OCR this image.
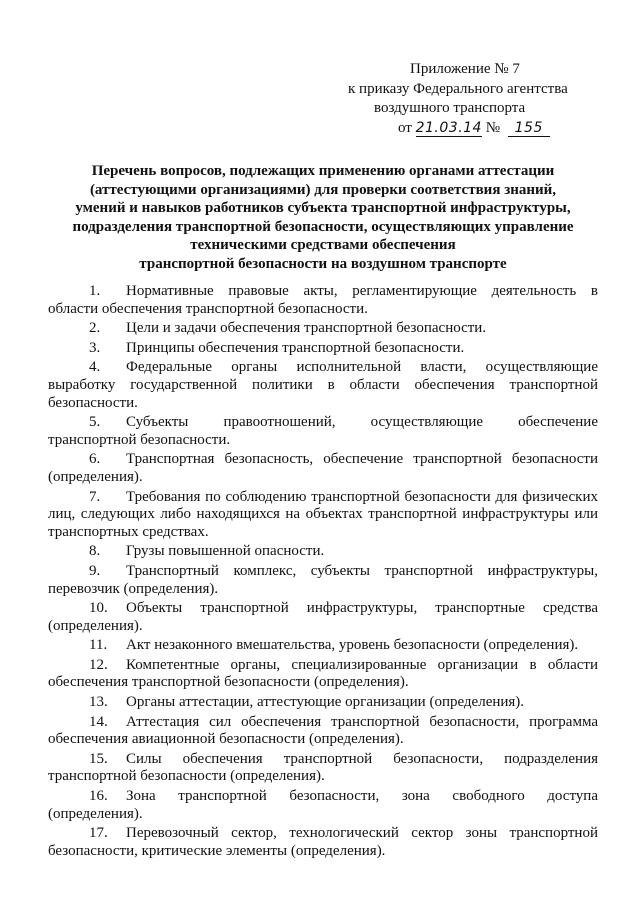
Приложение № 7
к приказу Федерального агентства
воздушного транспорта
от 21.03.14 № 155
Перечень вопросов, подлежащих применению органами аттестации
(аттестующими организациями) для проверки соответствия знаний,
умений и навыков работников субъекта транспортной инфраструктуры,
подразделения транспортной безопасности, осуществляющих управление
техническими средствами обеспечения
транспортной безопасности на воздушном транспорте
1. Нормативные правовые акты, регламентирующие деятельность в
области обеспечения транспортной безопасности.
2. Цели и задачи обеспечения транспортной безопасности.
3. Принципы обеспечения транспортной безопасности.
4. Федеральные органы исполнительной власти, осуществляющие
выработку государственной политики в области обеспечения транспортной
безопасности.
5. Субъекты правоотношений, осуществляющие обеспечение
транспортной безопасности.
6. Транспортная безопасность, обеспечение транспортной безопасности
(определения).
7. Требования по соблюдению транспортной безопасности для физических
лиц, следующих либо находящихся на объектах транспортной инфраструктуры или
транспортных средствах.
8. Грузы повышенной опасности.
9. Транспортный комплекс, субъекты транспортной инфраструктуры,
перевозчик (определения).
10. Объекты транспортной инфраструктуры, транспортные средства
(определения).
11. Акт незаконного вмешательства, уровень безопасности (определения).
12. Компетентные органы, специализированные организации в области
обеспечения транспортной безопасности (определения).
13. Органы аттестации, аттестующие организации (определения).
14. Аттестация сил обеспечения транспортной безопасности, программа
обеспечения авиационной безопасности (определения).
15. Силы обеспечения транспортной безопасности, подразделения
транспортной безопасности (определения).
16. Зона транспортной безопасности, зона свободного доступа
(определения).
17. Перевозочный сектор, технологический сектор зоны транспортной
безопасности, критические элементы (определения).
